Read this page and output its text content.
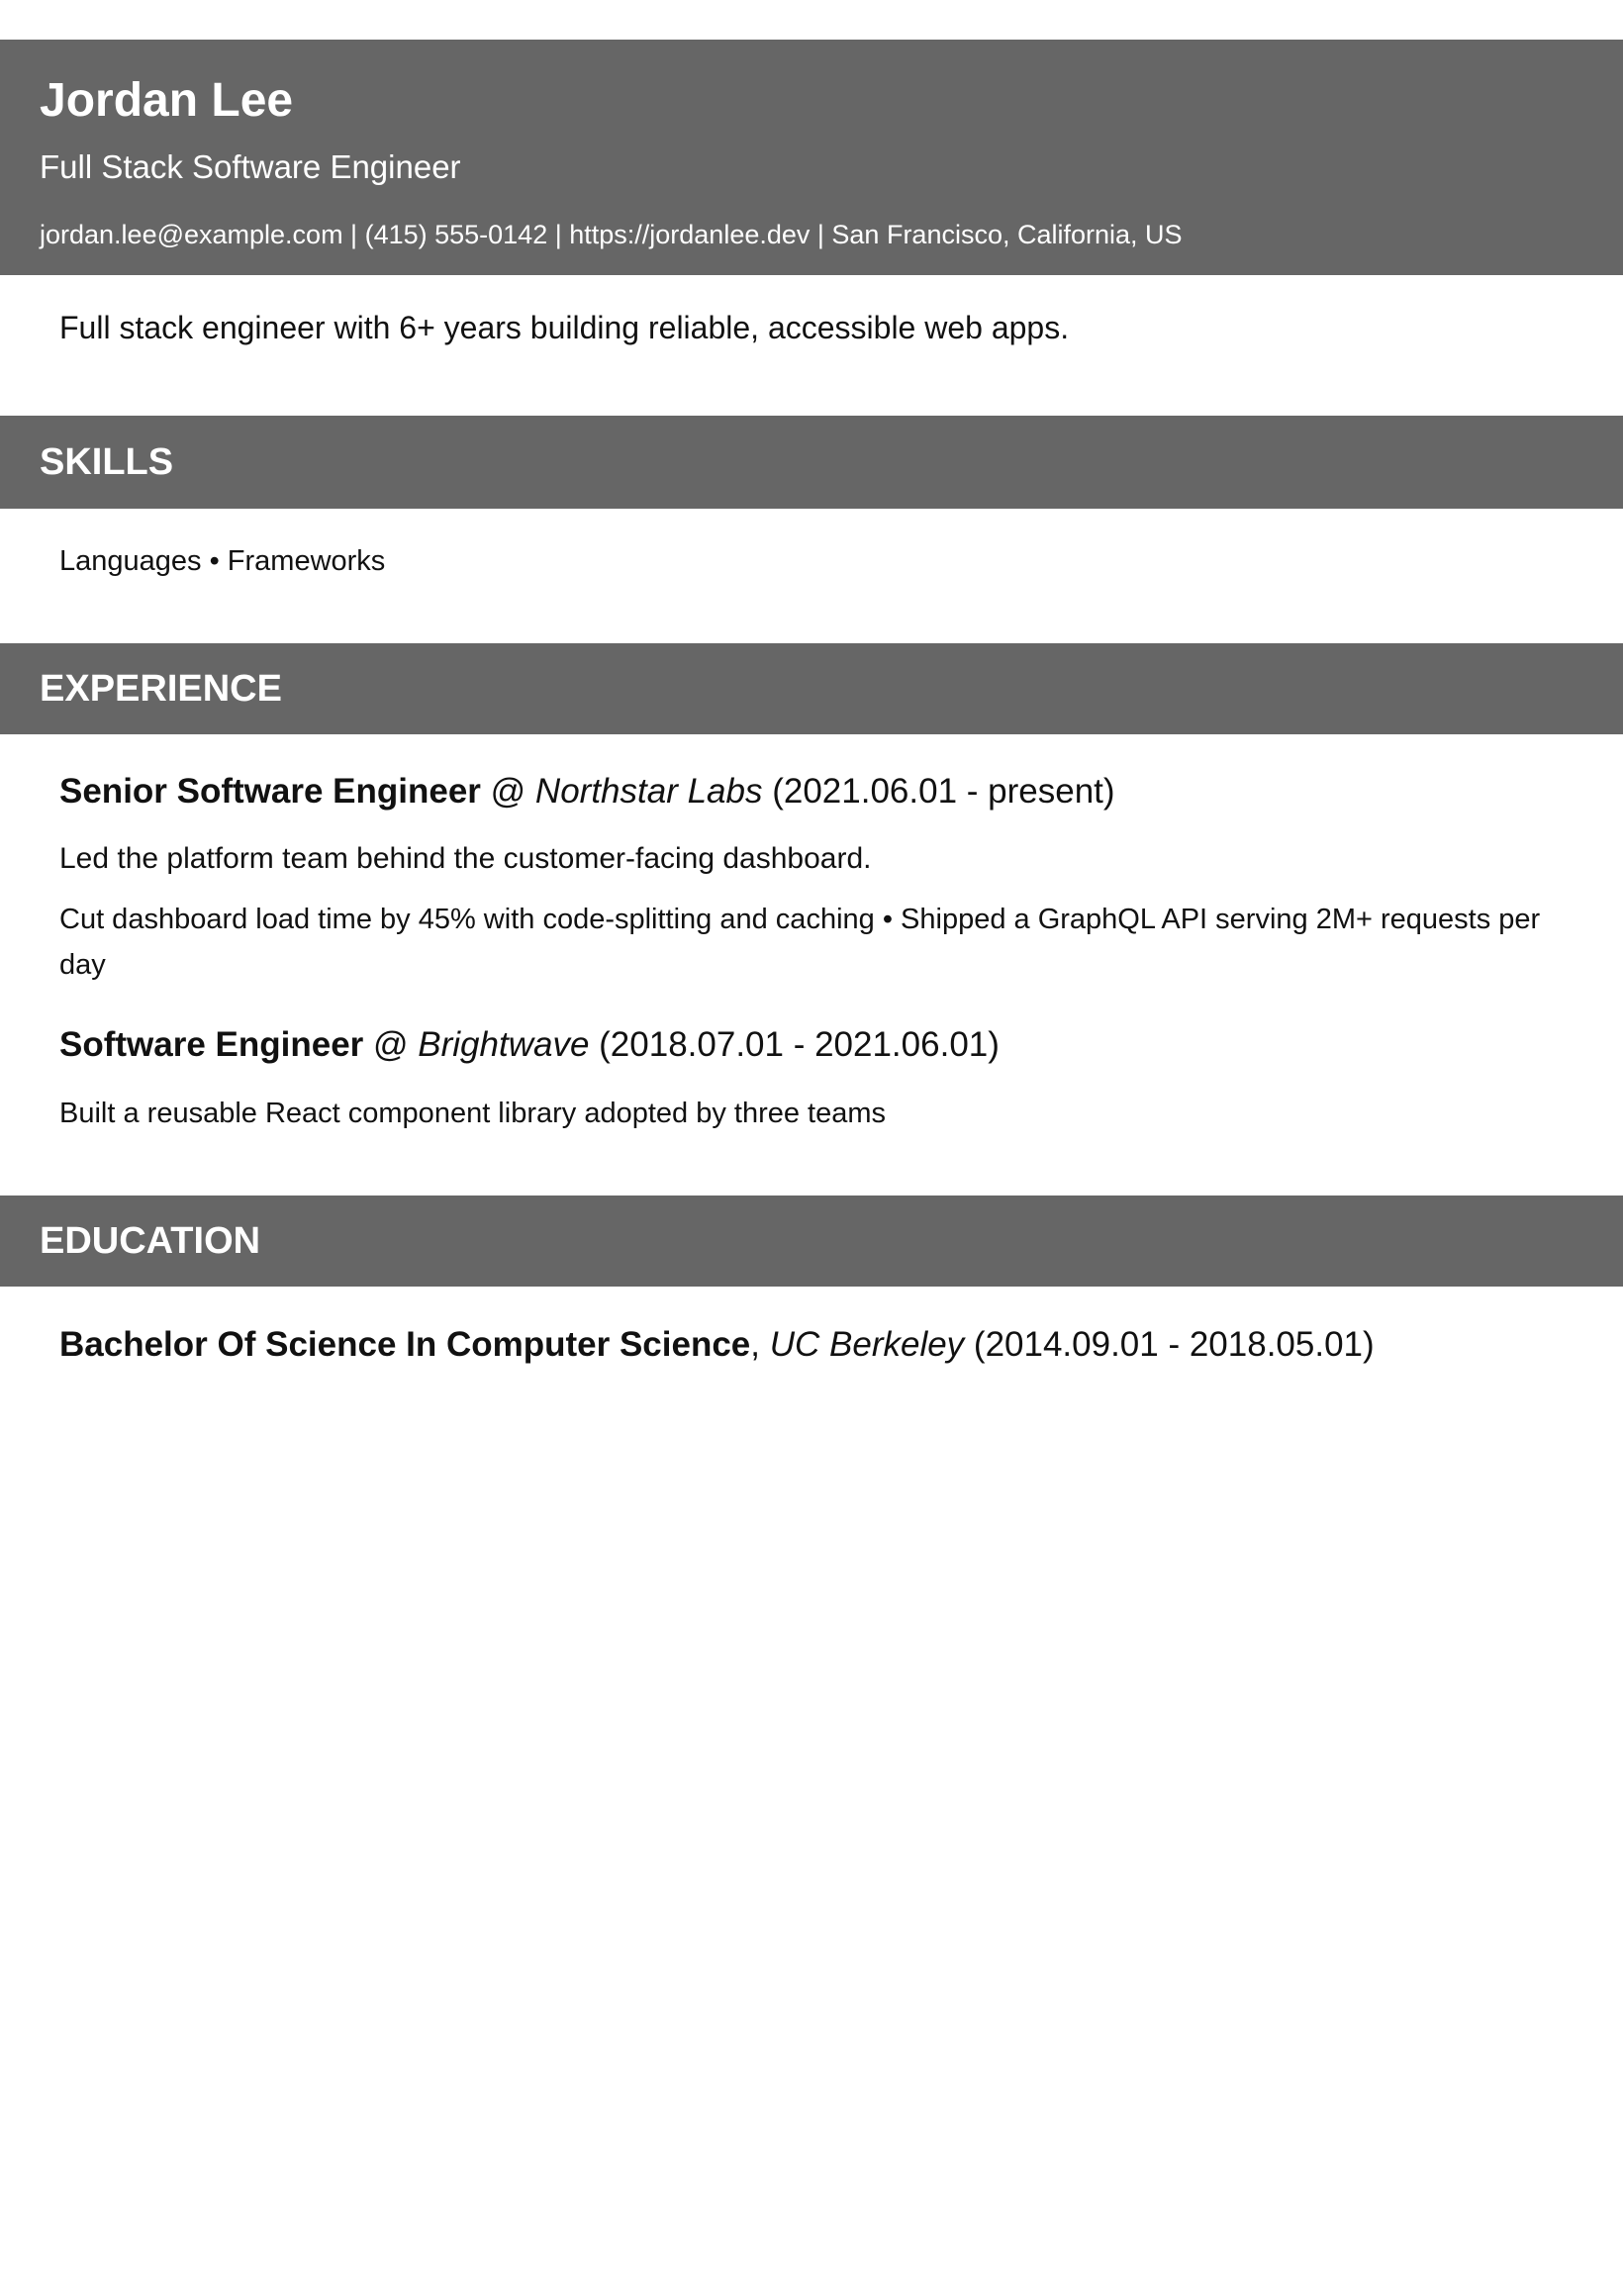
Jordan Lee
Full Stack Software Engineer
jordan.lee@example.com | (415) 555-0142 | https://jordanlee.dev | San Francisco, California, US
Full stack engineer with 6+ years building reliable, accessible web apps.
SKILLS
Languages • Frameworks
EXPERIENCE
Senior Software Engineer @ Northstar Labs (2021.06.01 - present)
Led the platform team behind the customer-facing dashboard.
Cut dashboard load time by 45% with code-splitting and caching • Shipped a GraphQL API serving 2M+ requests per day
Software Engineer @ Brightwave (2018.07.01 - 2021.06.01)
Built a reusable React component library adopted by three teams
EDUCATION
Bachelor Of Science In Computer Science, UC Berkeley (2014.09.01 - 2018.05.01)
